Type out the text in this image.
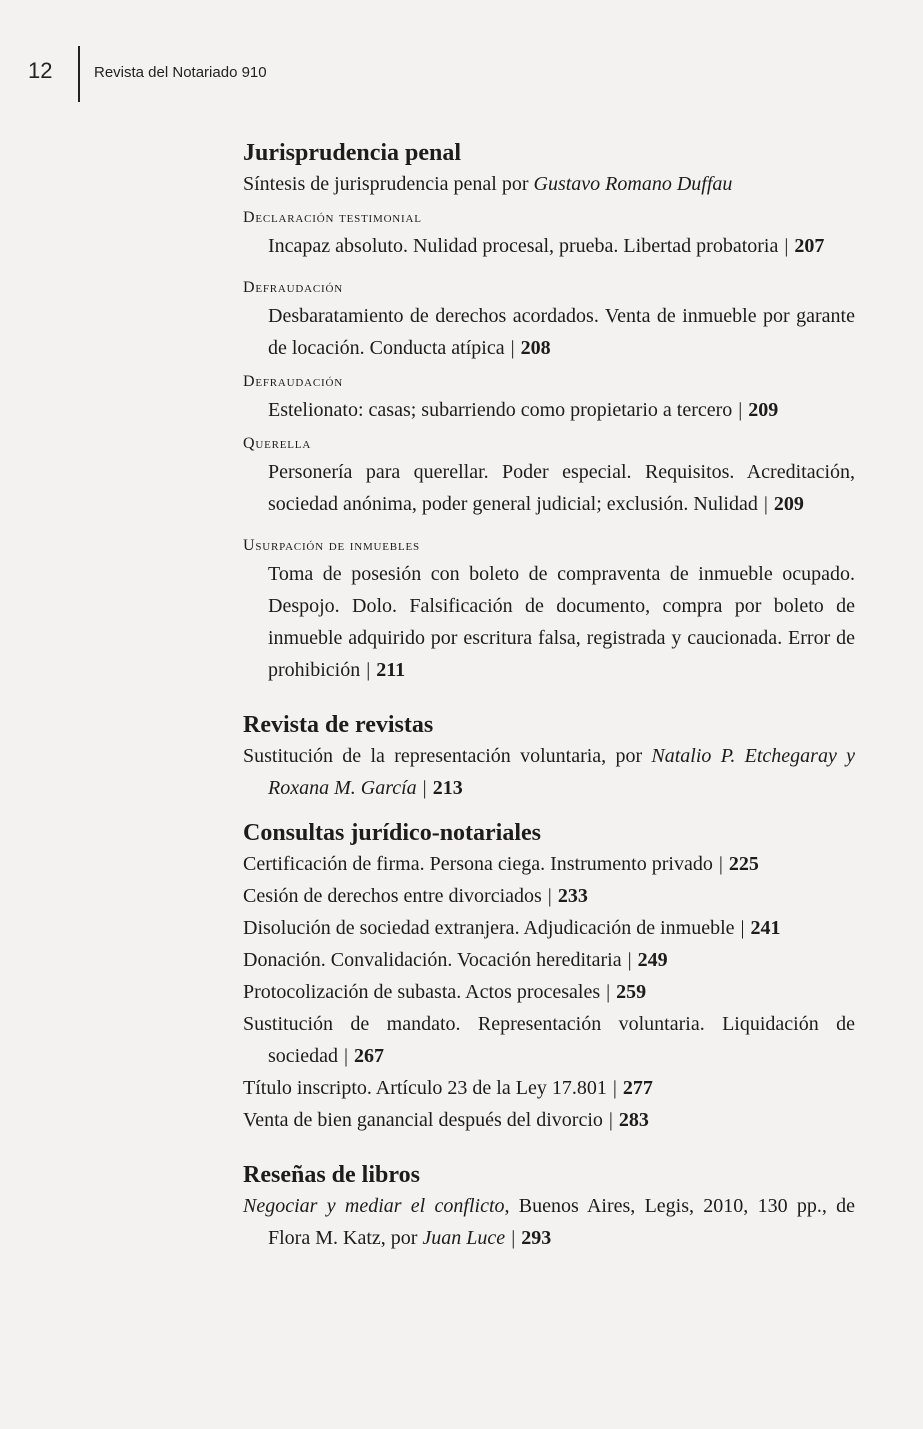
12	Revista del Notariado 910
Jurisprudencia penal

Síntesis de jurisprudencia penal por Gustavo Romano Duffau

Declaración testimonial

Incapaz absoluto. Nulidad procesal, prueba. Libertad probatoria | 207

Defraudación

Desbaratamiento de derechos acordados. Venta de inmueble por garante de locación. Conducta atípica | 208

Defraudación

Estelionato: casas; subarriendo como propietario a tercero | 209

Querella

Personería para querellar. Poder especial. Requisitos. Acreditación, sociedad anónima, poder general judicial; exclusión. Nulidad | 209

Usurpación de inmuebles

Toma de posesión con boleto de compraventa de inmueble ocupado. Despojo. Dolo. Falsificación de documento, compra por boleto de inmueble adquirido por escritura falsa, registrada y caucionada. Error de prohibición | 211

Revista de revistas

Sustitución de la representación voluntaria, por Natalio P. Etchegaray y Roxana M. García | 213

Consultas jurídico-notariales

Certificación de firma. Persona ciega. Instrumento privado | 225

Cesión de derechos entre divorciados | 233

Disolución de sociedad extranjera. Adjudicación de inmueble | 241

Donación. Convalidación. Vocación hereditaria | 249

Protocolización de subasta. Actos procesales | 259

Sustitución de mandato. Representación voluntaria. Liquidación de sociedad | 267

Título inscripto. Artículo 23 de la Ley 17.801 | 277

Venta de bien ganancial después del divorcio | 283

Reseñas de libros

Negociar y mediar el conflicto, Buenos Aires, Legis, 2010, 130 pp., de Flora M. Katz, por Juan Luce | 293
